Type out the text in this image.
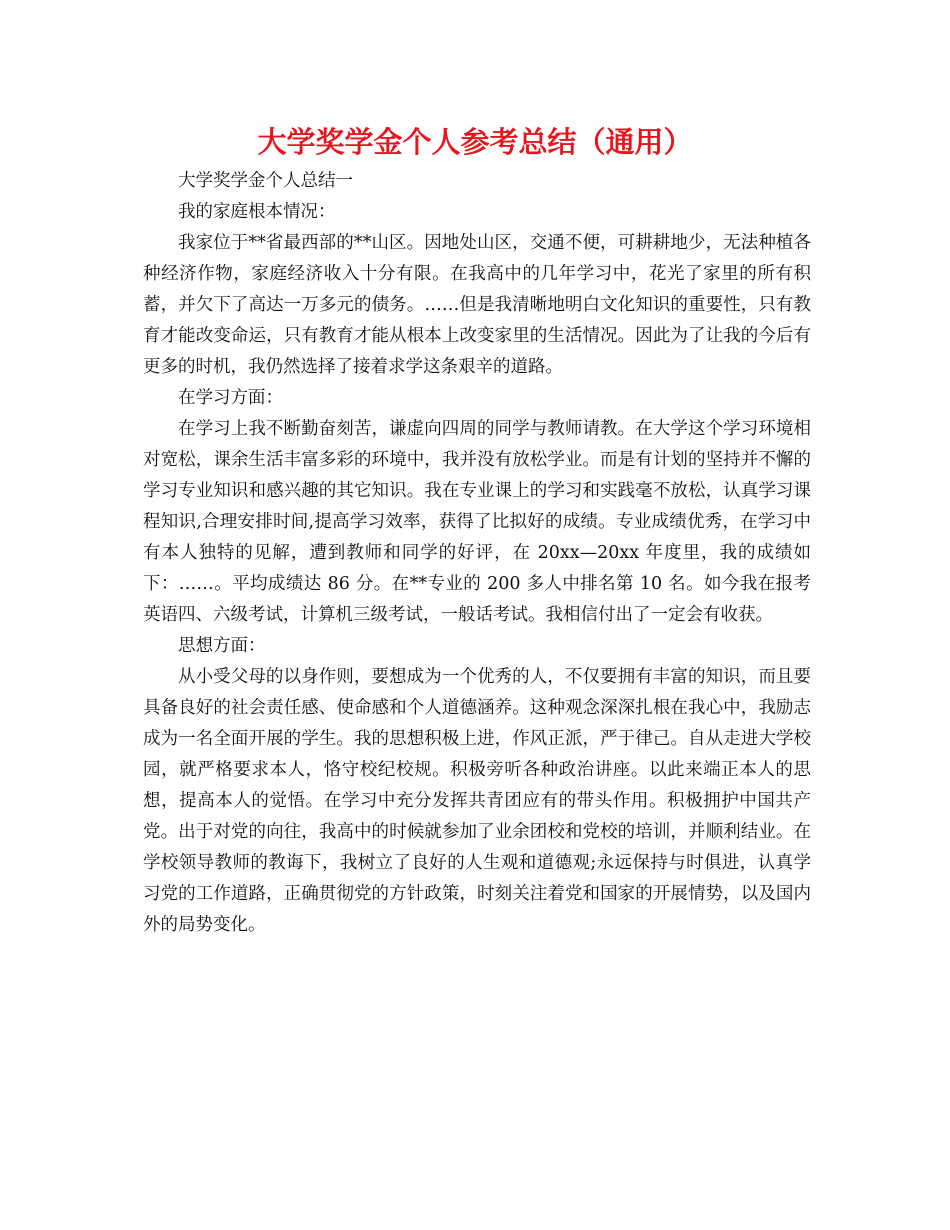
大学奖学金个人参考总结（通用）

大学奖学金个人总结一

我的家庭根本情况：

我家位于**省最西部的**山区。因地处山区，交通不便，可耕耕地少，无法种植各种经济作物，家庭经济收入十分有限。在我高中的几年学习中，花光了家里的所有积蓄，并欠下了高达一万多元的债务。……但是我清晰地明白文化知识的重要性，只有教育才能改变命运，只有教育才能从根本上改变家里的生活情况。因此为了让我的今后有更多的时机，我仍然选择了接着求学这条艰辛的道路。

在学习方面：

在学习上我不断勤奋刻苦，谦虚向四周的同学与教师请教。在大学这个学习环境相对宽松，课余生活丰富多彩的环境中，我并没有放松学业。而是有计划的坚持并不懈的学习专业知识和感兴趣的其它知识。我在专业课上的学习和实践毫不放松，认真学习课程知识,合理安排时间,提高学习效率，获得了比拟好的成绩。专业成绩优秀，在学习中有本人独特的见解，遭到教师和同学的好评，在 20xx—20xx 年度里，我的成绩如下：……。平均成绩达 86 分。在**专业的 200 多人中排名第 10 名。如今我在报考英语四、六级考试，计算机三级考试，一般话考试。我相信付出了一定会有收获。

思想方面：

从小受父母的以身作则，要想成为一个优秀的人，不仅要拥有丰富的知识，而且要具备良好的社会责任感、使命感和个人道德涵养。这种观念深深扎根在我心中，我励志成为一名全面开展的学生。我的思想积极上进，作风正派，严于律己。自从走进大学校园，就严格要求本人，恪守校纪校规。积极旁听各种政治讲座。以此来端正本人的思想，提高本人的觉悟。在学习中充分发挥共青团应有的带头作用。积极拥护中国共产党。出于对党的向往，我高中的时候就参加了业余团校和党校的培训，并顺利结业。在学校领导教师的教诲下，我树立了良好的人生观和道德观;永远保持与时俱进，认真学习党的工作道路，正确贯彻党的方针政策，时刻关注着党和国家的开展情势，以及国内外的局势变化。
